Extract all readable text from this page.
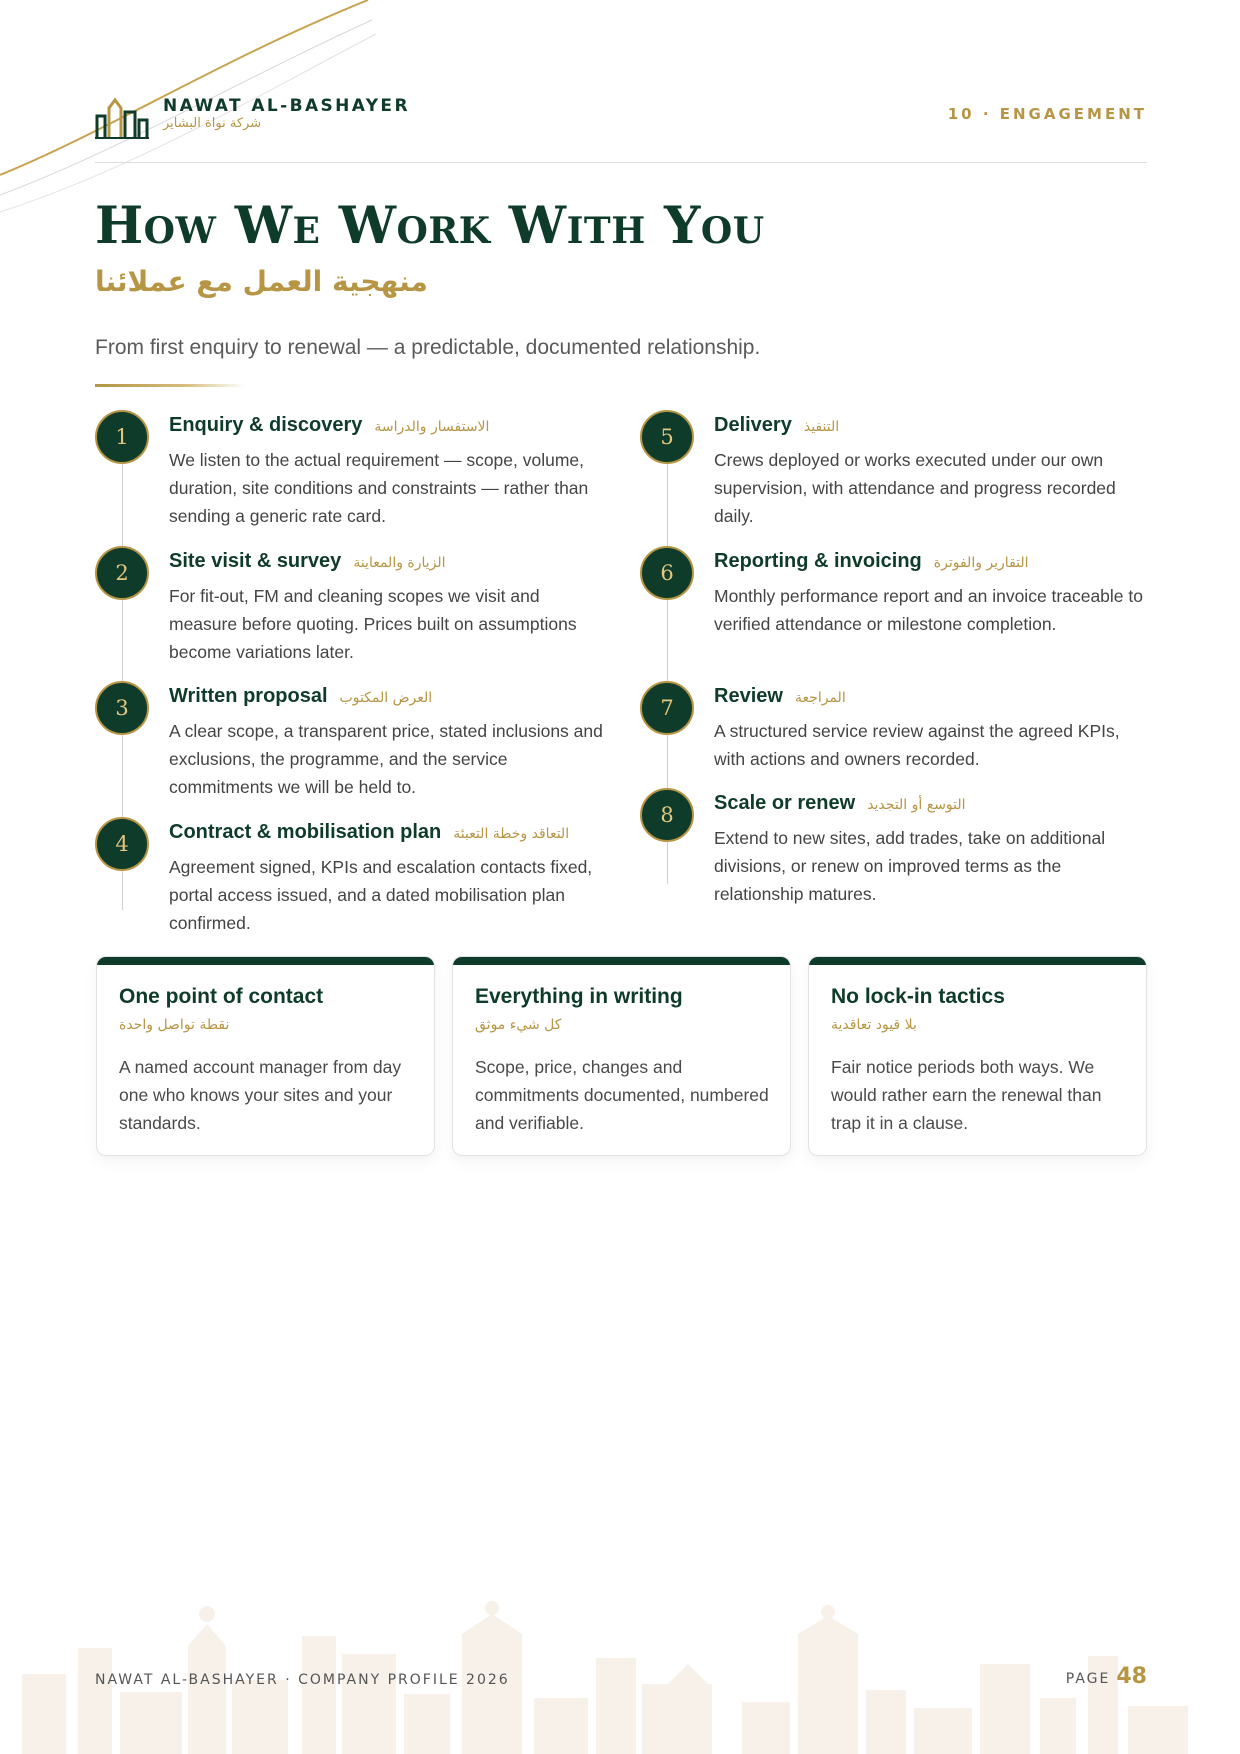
NAWAT AL-BASHAYER
شركة نواة البشاير
10 · ENGAGEMENT
How We Work With You
منهجية العمل مع عملائنا

From first enquiry to renewal — a predictable, documented relationship.

1	Enquiry & discovery الاستفسار والدراسة

We listen to the actual requirement — scope, volume, duration, site conditions and constraints — rather than sending a generic rate card.

2	Site visit & survey الزيارة والمعاينة

For fit-out, FM and cleaning scopes we visit and measure before quoting. Prices built on assumptions become variations later.

3	Written proposal العرض المكتوب

A clear scope, a transparent price, stated inclusions and exclusions, the programme, and the service commitments we will be held to.

4	Contract & mobilisation plan التعاقد وخطة التعبئة

Agreement signed, KPIs and escalation contacts fixed, portal access issued, and a dated mobilisation plan confirmed.

5	Delivery التنفيذ

Crews deployed or works executed under our own supervision, with attendance and progress recorded daily.

6	Reporting & invoicing التقارير والفوترة

Monthly performance report and an invoice traceable to verified attendance or milestone completion.

7	Review المراجعة

A structured service review against the agreed KPIs, with actions and owners recorded.

8	Scale or renew التوسع أو التجديد

Extend to new sites, add trades, take on additional divisions, or renew on improved terms as the relationship matures.

One point of contact
نقطة تواصل واحدة

A named account manager from day one who knows your sites and your standards.

Everything in writing
كل شيء موثق

Scope, price, changes and commitments documented, numbered and verifiable.

No lock-in tactics
بلا قيود تعاقدية

Fair notice periods both ways. We would rather earn the renewal than trap it in a clause.

NAWAT AL-BASHAYER · COMPANY PROFILE 2026	PAGE 48
